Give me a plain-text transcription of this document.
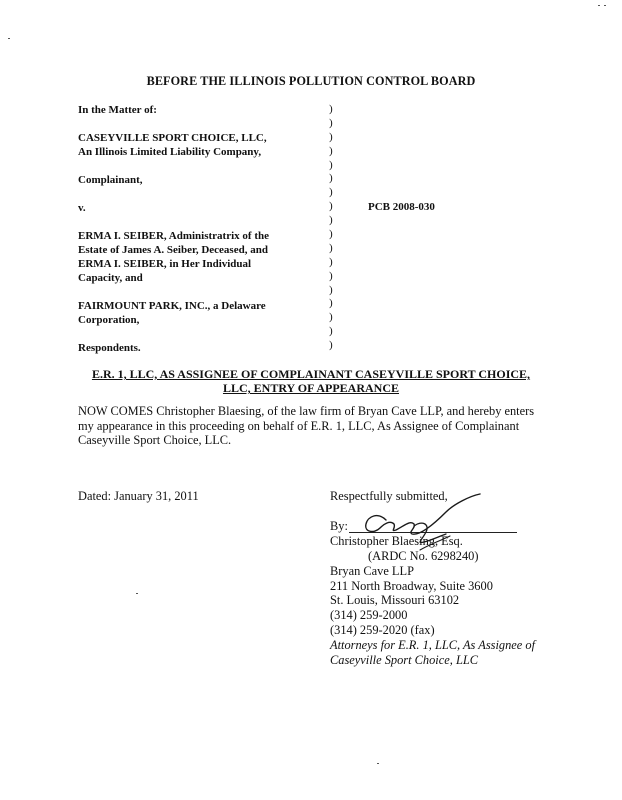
BEFORE THE ILLINOIS POLLUTION CONTROL BOARD
In the Matter of:
CASEYVILLE SPORT CHOICE, LLC,
An Illinois Limited Liability Company,
Complainant,
v.
ERMA I. SEIBER, Administratrix of the
Estate of James A. Seiber, Deceased, and
ERMA I. SEIBER, in Her Individual
Capacity, and
FAIRMOUNT PARK, INC., a Delaware
Corporation,
Respondents.
)
)
)
)
)
)
)
)
)
)
)
)
)
)
)
)
)
)
PCB 2008-030
E.R. 1, LLC, AS ASSIGNEE OF COMPLAINANT CASEYVILLE SPORT CHOICE,
LLC, ENTRY OF APPEARANCE
NOW COMES Christopher Blaesing, of the law firm of Bryan Cave LLP, and hereby enters my appearance in this proceeding on behalf of E.R. 1, LLC, As Assignee of Complainant Caseyville Sport Choice, LLC.
Dated: January 31, 2011	Respectfully submitted,
By:
Christopher Blaesing, Esq.
(ARDC No. 6298240)
Bryan Cave LLP
211 North Broadway, Suite 3600
St. Louis, Missouri 63102
(314) 259-2000
(314) 259-2020 (fax)
Attorneys for E.R. 1, LLC, As Assignee of
Caseyville Sport Choice, LLC
